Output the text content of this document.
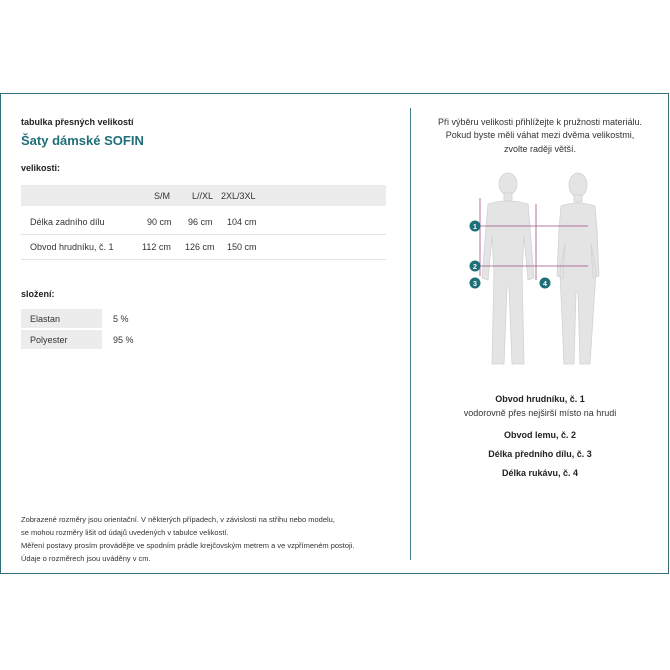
tabulka přesných velikostí
Šaty dámské SOFIN
velikosti:
S/M L//XL 2XL/3XL
Délka zadního dílu	90 cm 96 cm 104 cm
Obvod hrudníku, č. 1	112 cm 126 cm 150 cm
složení:
Elastan	5 %
Polyester	95 %
Zobrazené rozměry jsou orientační. V některých případech, v závislosti na střihu nebo modelu,
se mohou rozměry lišit od údajů uvedených v tabulce velikostí.
Měření postavy prosím provádějte ve spodním prádle krejčovským metrem a ve vzpřímeném postoji.
Údaje o rozměrech jsou uváděny v cm.
Při výběru velikosti přihlížejte k pružnosti materiálu.
Pokud byste měli váhat mezi dvěma velikostmi,
zvolte raději větší.
1
2
3	4
Obvod hrudníku, č. 1
vodorovně přes nejširší místo na hrudi
Obvod lemu, č. 2
Délka předního dílu, č. 3
Délka rukávu, č. 4
